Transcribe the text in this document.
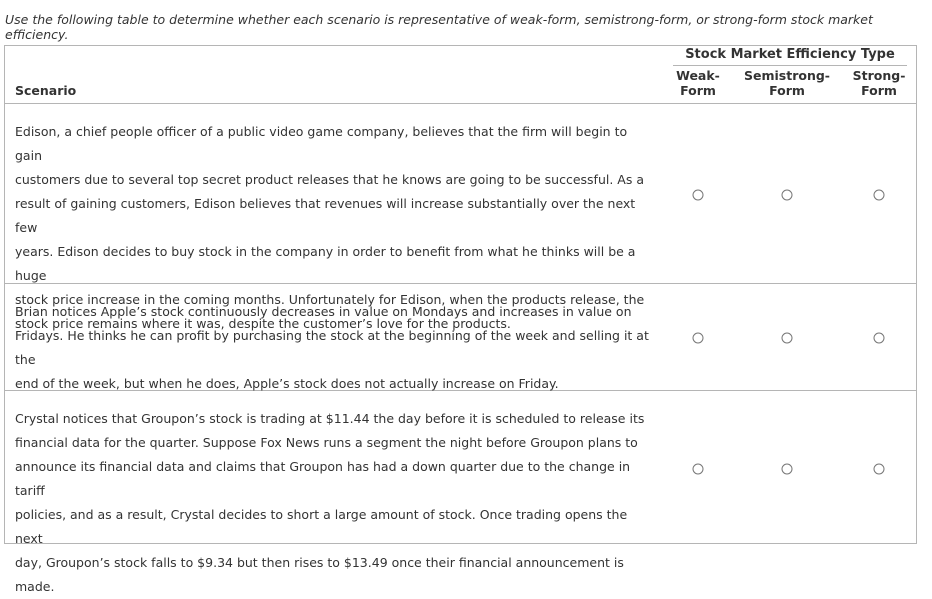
Use the following table to determine whether each scenario is representative of weak-form, semistrong-form, or strong-form stock market efficiency.
Scenario
Stock Market Efficiency Type
Weak-
Form
Semistrong-
Form
Strong-
Form
Edison, a chief people officer of a public video game company, believes that the firm will begin to gain
customers due to several top secret product releases that he knows are going to be successful. As a
result of gaining customers, Edison believes that revenues will increase substantially over the next few
years. Edison decides to buy stock in the company in order to benefit from what he thinks will be a huge
stock price increase in the coming months. Unfortunately for Edison, when the products release, the
stock price remains where it was, despite the customer’s love for the products.
Brian notices Apple’s stock continuously decreases in value on Mondays and increases in value on
Fridays. He thinks he can profit by purchasing the stock at the beginning of the week and selling it at the
end of the week, but when he does, Apple’s stock does not actually increase on Friday.
Crystal notices that Groupon’s stock is trading at $11.44 the day before it is scheduled to release its
financial data for the quarter. Suppose Fox News runs a segment the night before Groupon plans to
announce its financial data and claims that Groupon has had a down quarter due to the change in tariff
policies, and as a result, Crystal decides to short a large amount of stock. Once trading opens the next
day, Groupon’s stock falls to $9.34 but then rises to $13.49 once their financial announcement is made.
